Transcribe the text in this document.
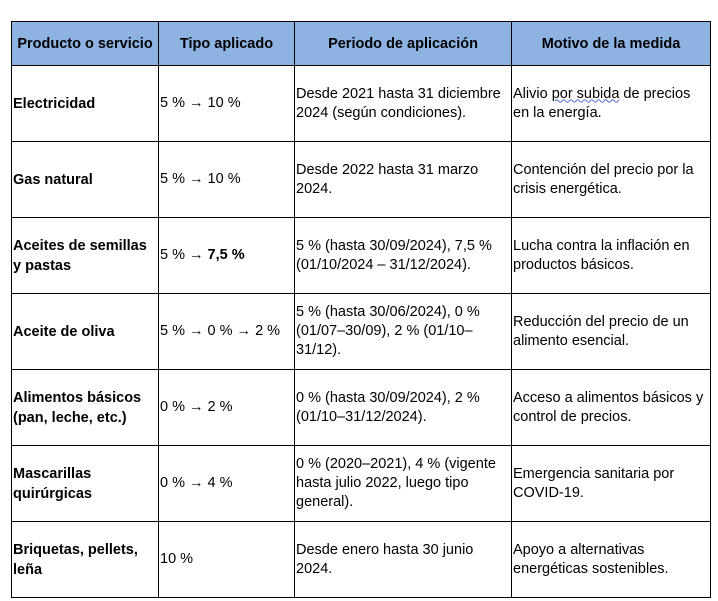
Producto o servicio	Tipo aplicado	Periodo de aplicación	Motivo de la medida
Electricidad	5 % → 10 %	Desde 2021 hasta 31 diciembre 2024 (según condiciones).	Alivio por subida de precios en la energía.
Gas natural	5 % → 10 %	Desde 2022 hasta 31 marzo 2024.	Contención del precio por la crisis energética.
Aceites de semillas y pastas	5 % → 7,5 %	5 % (hasta 30/09/2024), 7,5 % (01/10/2024 – 31/12/2024).	Lucha contra la inflación en productos básicos.
Aceite de oliva	5 % → 0 % → 2 %	5 % (hasta 30/06/2024), 0 % (01/07–30/09), 2 % (01/10–31/12).	Reducción del precio de un alimento esencial.
Alimentos básicos (pan, leche, etc.)	0 % → 2 %	0 % (hasta 30/09/2024), 2 % (01/10–31/12/2024).	Acceso a alimentos básicos y control de precios.
Mascarillas quirúrgicas	0 % → 4 %	0 % (2020–2021), 4 % (vigente hasta julio 2022, luego tipo general).	Emergencia sanitaria por COVID-19.
Briquetas, pellets, leña	10 %	Desde enero hasta 30 junio 2024.	Apoyo a alternativas energéticas sostenibles.
